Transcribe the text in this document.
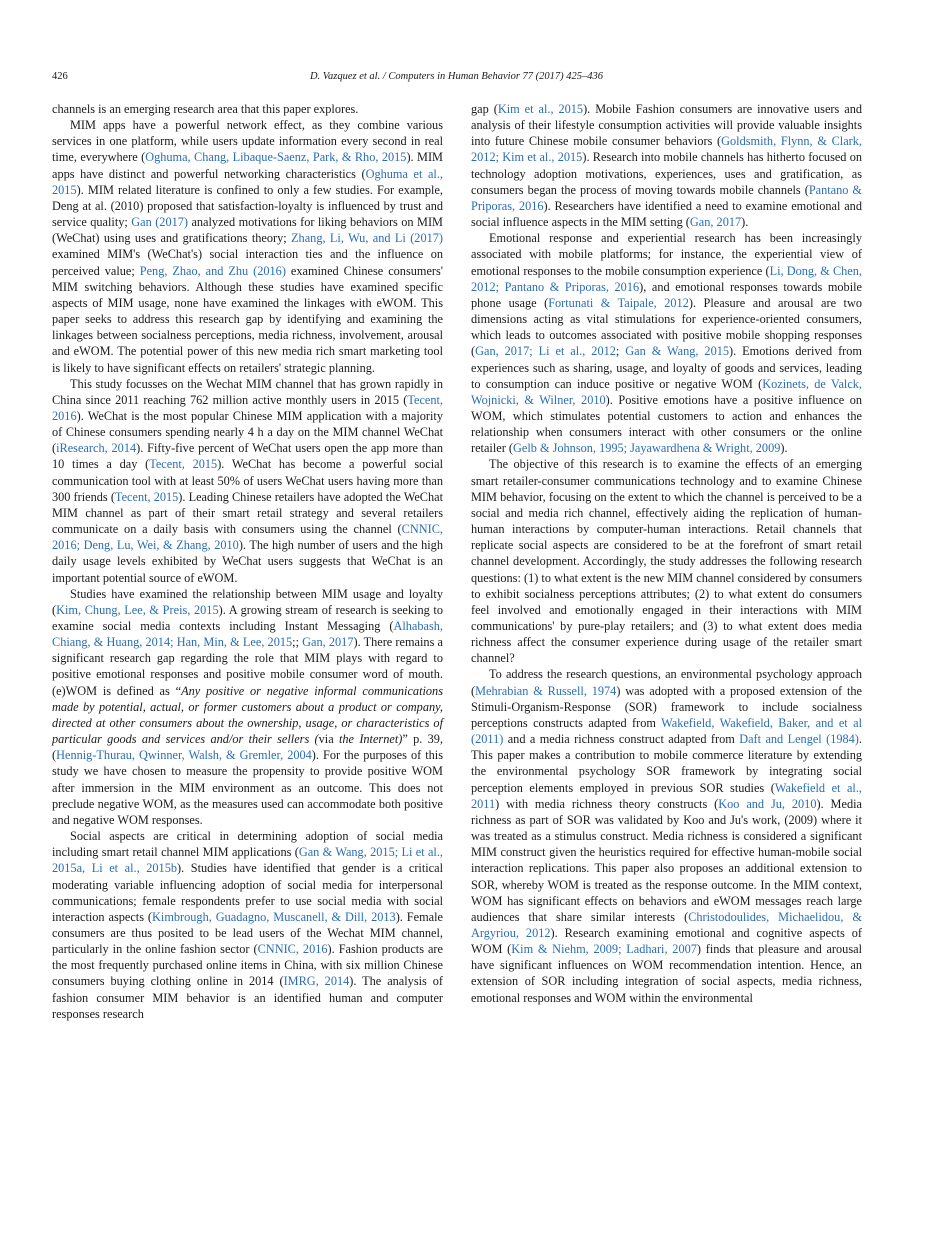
426	D. Vazquez et al. / Computers in Human Behavior 77 (2017) 425–436

channels is an emerging research area that this paper explores.

MIM apps have a powerful network effect, as they combine various services in one platform, while users update information every second in real time, everywhere (Oghuma, Chang, Libaque-Saenz, Park, & Rho, 2015). MIM apps have distinct and powerful networking characteristics (Oghuma et al., 2015). MIM related literature is confined to only a few studies. For example, Deng at al. (2010) proposed that satisfaction-loyalty is influenced by trust and service quality; Gan (2017) analyzed motivations for liking behaviors on MIM (WeChat) using uses and gratifications theory; Zhang, Li, Wu, and Li (2017) examined MIM's (WeChat's) social interaction ties and the influence on perceived value; Peng, Zhao, and Zhu (2016) examined Chinese consumers' MIM switching behaviors. Although these studies have examined specific aspects of MIM usage, none have examined the linkages with eWOM. This paper seeks to address this research gap by identifying and examining the linkages between socialness perceptions, media richness, involvement, arousal and eWOM. The potential power of this new media rich smart marketing tool is likely to have significant effects on retailers' strategic planning.

This study focusses on the Wechat MIM channel that has grown rapidly in China since 2011 reaching 762 million active monthly users in 2015 (Tecent, 2016). WeChat is the most popular Chinese MIM application with a majority of Chinese consumers spending nearly 4 h a day on the MIM channel WeChat (iResearch, 2014). Fifty-five percent of WeChat users open the app more than 10 times a day (Tecent, 2015). WeChat has become a powerful social communication tool with at least 50% of users WeChat users having more than 300 friends (Tecent, 2015). Leading Chinese retailers have adopted the WeChat MIM channel as part of their smart retail strategy and several retailers communicate on a daily basis with consumers using the channel (CNNIC, 2016; Deng, Lu, Wei, & Zhang, 2010). The high number of users and the high daily usage levels exhibited by WeChat users suggests that WeChat is an important potential source of eWOM.

Studies have examined the relationship between MIM usage and loyalty (Kim, Chung, Lee, & Preis, 2015). A growing stream of research is seeking to examine social media contexts including Instant Messaging (Alhabash, Chiang, & Huang, 2014; Han, Min, & Lee, 2015;; Gan, 2017). There remains a significant research gap regarding the role that MIM plays with regard to positive emotional responses and positive mobile consumer word of mouth. (e)WOM is defined as “Any positive or negative informal communications made by potential, actual, or former customers about a product or company, directed at other consumers about the ownership, usage, or characteristics of particular goods and services and/or their sellers (via the Internet)” p. 39, (Hennig-Thurau, Qwinner, Walsh, & Gremler, 2004). For the purposes of this study we have chosen to measure the propensity to provide positive WOM after immersion in the MIM environment as an outcome. This does not preclude negative WOM, as the measures used can accommodate both positive and negative WOM responses.

Social aspects are critical in determining adoption of social media including smart retail channel MIM applications (Gan & Wang, 2015; Li et al., 2015a, Li et al., 2015b). Studies have identified that gender is a critical moderating variable influencing adoption of social media for interpersonal communications; female respondents prefer to use social media with social interaction aspects (Kimbrough, Guadagno, Muscanell, & Dill, 2013). Female consumers are thus posited to be lead users of the Wechat MIM channel, particularly in the online fashion sector (CNNIC, 2016). Fashion products are the most frequently purchased online items in China, with six million Chinese consumers buying clothing online in 2014 (IMRG, 2014). The analysis of fashion consumer MIM behavior is an identified human and computer responses research

gap (Kim et al., 2015). Mobile Fashion consumers are innovative users and analysis of their lifestyle consumption activities will provide valuable insights into future Chinese mobile consumer behaviors (Goldsmith, Flynn, & Clark, 2012; Kim et al., 2015). Research into mobile channels has hitherto focused on technology adoption motivations, experiences, uses and gratification, as consumers began the process of moving towards mobile channels (Pantano & Priporas, 2016). Researchers have identified a need to examine emotional and social influence aspects in the MIM setting (Gan, 2017).

Emotional response and experiential research has been increasingly associated with mobile platforms; for instance, the experiential view of emotional responses to the mobile consumption experience (Li, Dong, & Chen, 2012; Pantano & Priporas, 2016), and emotional responses towards mobile phone usage (Fortunati & Taipale, 2012). Pleasure and arousal are two dimensions acting as vital stimulations for experience-oriented consumers, which leads to outcomes associated with positive mobile shopping responses (Gan, 2017; Li et al., 2012; Gan & Wang, 2015). Emotions derived from experiences such as sharing, usage, and loyalty of goods and services, leading to consumption can induce positive or negative WOM (Kozinets, de Valck, Wojnicki, & Wilner, 2010). Positive emotions have a positive influence on WOM, which stimulates potential customers to action and enhances the relationship when consumers interact with other consumers or the online retailer (Gelb & Johnson, 1995; Jayawardhena & Wright, 2009).

The objective of this research is to examine the effects of an emerging smart retailer-consumer communications technology and to examine Chinese MIM behavior, focusing on the extent to which the channel is perceived to be a social and media rich channel, effectively aiding the replication of human-human interactions by computer-human interactions. Retail channels that replicate social aspects are considered to be at the forefront of smart retail channel development. Accordingly, the study addresses the following research questions: (1) to what extent is the new MIM channel considered by consumers to exhibit socialness perceptions attributes; (2) to what extent do consumers feel involved and emotionally engaged in their interactions with MIM communications' by pure-play retailers; and (3) to what extent does media richness affect the consumer experience during usage of the retailer smart channel?

To address the research questions, an environmental psychology approach (Mehrabian & Russell, 1974) was adopted with a proposed extension of the Stimuli-Organism-Response (SOR) framework to include socialness perceptions constructs adapted from Wakefield, Wakefield, Baker, and et al (2011) and a media richness construct adapted from Daft and Lengel (1984). This paper makes a contribution to mobile commerce literature by extending the environmental psychology SOR framework by integrating social perception elements employed in previous SOR studies (Wakefield et al., 2011) with media richness theory constructs (Koo and Ju, 2010). Media richness as part of SOR was validated by Koo and Ju's work, (2009) where it was treated as a stimulus construct. Media richness is considered a significant MIM construct given the heuristics required for effective human-mobile social interaction replications. This paper also proposes an additional extension to SOR, whereby WOM is treated as the response outcome. In the MIM context, WOM has significant effects on behaviors and eWOM messages reach large audiences that share similar interests (Christodoulides, Michaelidou, & Argyriou, 2012). Research examining emotional and cognitive aspects of WOM (Kim & Niehm, 2009; Ladhari, 2007) finds that pleasure and arousal have significant influences on WOM recommendation intention. Hence, an extension of SOR including integration of social aspects, media richness, emotional responses and WOM within the environmental
